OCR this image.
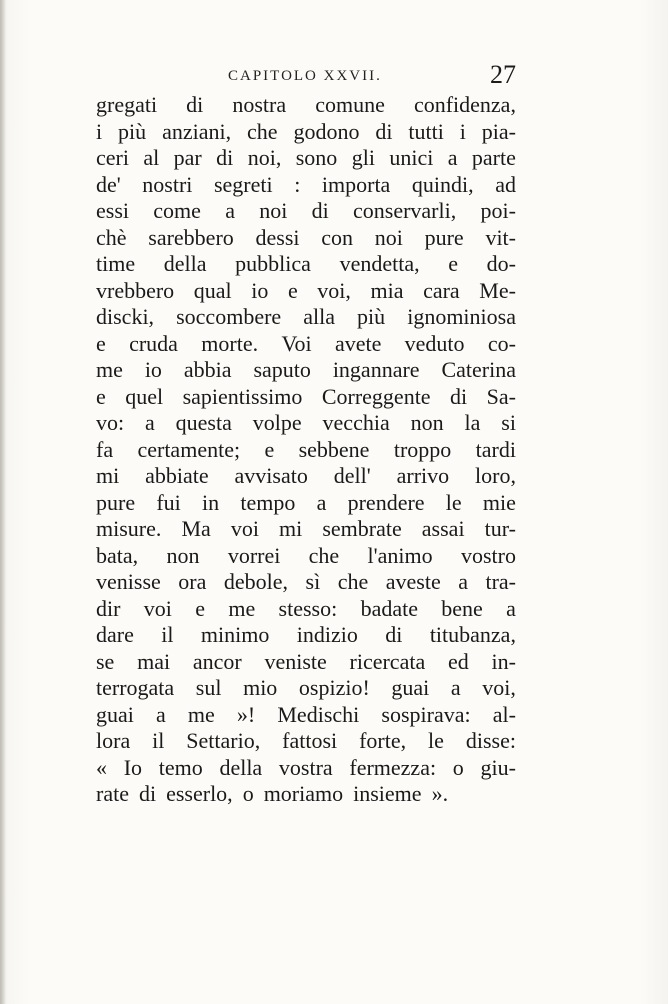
CAPITOLO XXVII.	27
gregati di nostra comune confidenza,
i più anziani, che godono di tutti i pia-
ceri al par di noi, sono gli unici a parte
de' nostri segreti : importa quindi, ad
essi come a noi di conservarli, poi-
chè sarebbero dessi con noi pure vit-
time della pubblica vendetta, e do-
vrebbero qual io e voi, mia cara Me-
discki, soccombere alla più ignominiosa
e cruda morte. Voi avete veduto co-
me io abbia saputo ingannare Caterina
e quel sapientissimo Correggente di Sa-
vo: a questa volpe vecchia non la si
fa certamente; e sebbene troppo tardi
mi abbiate avvisato dell' arrivo loro,
pure fui in tempo a prendere le mie
misure. Ma voi mi sembrate assai tur-
bata, non vorrei che l'animo vostro
venisse ora debole, sì che aveste a tra-
dir voi e me stesso: badate bene a
dare il minimo indizio di titubanza,
se mai ancor veniste ricercata ed in-
terrogata sul mio ospizio! guai a voi,
guai a me »! Medischi sospirava: al-
lora il Settario, fattosi forte, le disse:
« Io temo della vostra fermezza: o giu-
rate di esserlo, o moriamo insieme ».
